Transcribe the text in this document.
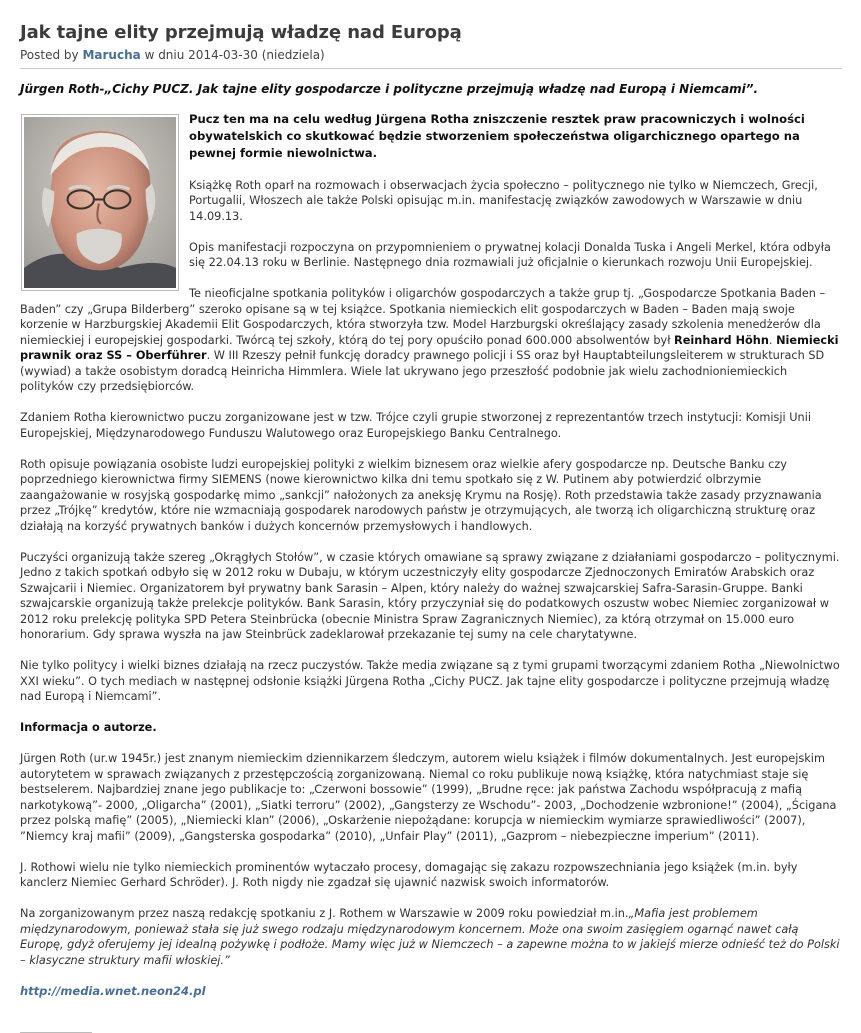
Jak tajne elity przejmują władzę nad Europą
Posted by Marucha w dniu 2014-03-30 (niedziela)

Jürgen Roth-„Cichy PUCZ. Jak tajne elity gospodarcze i polityczne przejmują władzę nad Europą i Niemcami”.

Pucz ten ma na celu według Jürgena Rotha zniszczenie resztek praw pracowniczych i wolności obywatelskich co skutkować będzie stworzeniem społeczeństwa oligarchicznego opartego na pewnej formie niewolnictwa.

Książkę Roth oparł na rozmowach i obserwacjach życia społeczno – politycznego nie tylko w Niemczech, Grecji, Portugalii, Włoszech ale także Polski opisując m.in. manifestację związków zawodowych w Warszawie w dniu 14.09.13.

Opis manifestacji rozpoczyna on przypomnieniem o prywatnej kolacji Donalda Tuska i Angeli Merkel, która odbyła się 22.04.13 roku w Berlinie. Następnego dnia rozmawiali już oficjalnie o kierunkach rozwoju Unii Europejskiej.

Te nieoficjalne spotkania polityków i oligarchów gospodarczych a także grup tj. „Gospodarcze Spotkania Baden – Baden” czy „Grupa Bilderberg” szeroko opisane są w tej książce. Spotkania niemieckich elit gospodarczych w Baden – Baden mają swoje korzenie w Harzburgskiej Akademii Elit Gospodarczych, która stworzyła tzw. Model Harzburgski określający zasady szkolenia menedżerów dla niemieckiej i europejskiej gospodarki. Twórcą tej szkoły, którą do tej pory opuściło ponad 600.000 absolwentów był Reinhard Höhn. Niemiecki prawnik oraz SS – Oberführer. W III Rzeszy pełnił funkcję doradcy prawnego policji i SS oraz był Hauptabteilungsleiterem w strukturach SD (wywiad) a także osobistym doradcą Heinricha Himmlera. Wiele lat ukrywano jego przeszłość podobnie jak wielu zachodnioniemieckich polityków czy przedsiębiorców.

Zdaniem Rotha kierownictwo puczu zorganizowane jest w tzw. Trójce czyli grupie stworzonej z reprezentantów trzech instytucji: Komisji Unii Europejskiej, Międzynarodowego Funduszu Walutowego oraz Europejskiego Banku Centralnego.

Roth opisuje powiązania osobiste ludzi europejskiej polityki z wielkim biznesem oraz wielkie afery gospodarcze np. Deutsche Banku czy poprzedniego kierownictwa firmy SIEMENS (nowe kierownictwo kilka dni temu spotkało się z W. Putinem aby potwierdzić olbrzymie zaangażowanie w rosyjską gospodarkę mimo „sankcji” nałożonych za aneksję Krymu na Rosję). Roth przedstawia także zasady przyznawania przez „Trójkę” kredytów, które nie wzmacniają gospodarek narodowych państw je otrzymujących, ale tworzą ich oligarchiczną strukturę oraz działają na korzyść prywatnych banków i dużych koncernów przemysłowych i handlowych.

Puczyści organizują także szereg „Okrągłych Stołów”, w czasie których omawiane są sprawy związane z działaniami gospodarczo – politycznymi. Jedno z takich spotkań odbyło się w 2012 roku w Dubaju, w którym uczestniczyły elity gospodarcze Zjednoczonych Emiratów Arabskich oraz Szwajcarii i Niemiec. Organizatorem był prywatny bank Sarasin – Alpen, który należy do ważnej szwajcarskiej Safra-Sarasin-Gruppe. Banki szwajcarskie organizują także prelekcje polityków. Bank Sarasin, który przyczyniał się do podatkowych oszustw wobec Niemiec zorganizował w 2012 roku prelekcję polityka SPD Petera Steinbrücka (obecnie Ministra Spraw Zagranicznych Niemiec), za którą otrzymał on 15.000 euro honorarium. Gdy sprawa wyszła na jaw Steinbrück zadeklarował przekazanie tej sumy na cele charytatywne.

Nie tylko politycy i wielki biznes działają na rzecz puczystów. Także media związane są z tymi grupami tworzącymi zdaniem Rotha „Niewolnictwo XXI wieku”. O tych mediach w następnej odsłonie książki Jürgena Rotha „Cichy PUCZ. Jak tajne elity gospodarcze i polityczne przejmują władzę nad Europą i Niemcami”.

Informacja o autorze.

Jürgen Roth (ur.w 1945r.) jest znanym niemieckim dziennikarzem śledczym, autorem wielu książek i filmów dokumentalnych. Jest europejskim autorytetem w sprawach związanych z przestępczością zorganizowaną. Niemal co roku publikuje nową książkę, która natychmiast staje się bestselerem. Najbardziej znane jego publikacje to: „Czerwoni bossowie” (1999), „Brudne ręce: jak państwa Zachodu współpracują z mafią narkotykową”- 2000, „Oligarcha” (2001), „Siatki terroru” (2002), „Gangsterzy ze Wschodu”- 2003, „Dochodzenie wzbronione!” (2004), „Ścigana przez polską mafię” (2005), „Niemiecki klan” (2006), „Oskarżenie niepożądane: korupcja w niemieckim wymiarze sprawiedliwości” (2007), ”Niemcy kraj mafii” (2009), „Gangsterska gospodarka” (2010), „Unfair Play” (2011), „Gazprom – niebezpieczne imperium” (2011).

J. Rothowi wielu nie tylko niemieckich prominentów wytaczało procesy, domagając się zakazu rozpowszechniania jego książek (m.in. były kanclerz Niemiec Gerhard Schröder). J. Roth nigdy nie zgadzał się ujawnić nazwisk swoich informatorów.

Na zorganizowanym przez naszą redakcję spotkaniu z J. Rothem w Warszawie w 2009 roku powiedział m.in.„Mafia jest problemem międzynarodowym, ponieważ stała się już swego rodzaju międzynarodowym koncernem. Może ona swoim zasięgiem ogarnąć nawet całą Europę, gdyż oferujemy jej idealną pożywkę i podłoże. Mamy więc już w Niemczech – a zapewne można to w jakiejś mierze odnieść też do Polski – klasyczne struktury mafii włoskiej.”

http://media.wnet.neon24.pl
